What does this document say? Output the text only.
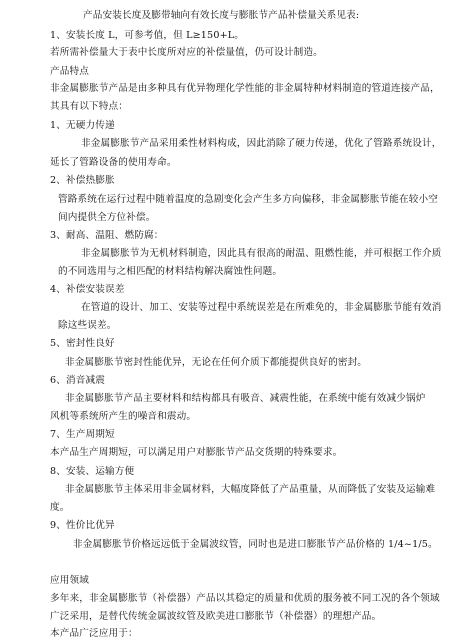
产品安装长度及膨带轴向有效长度与膨胀节产品补偿量关系见表:
1、安装长度 L，可参考值，但 L≥150+L。
若所需补偿量大于表中长度所对应的补偿量值，仍可设计制造。
产品特点
非金属膨胀节产品是由多种具有优异物理化学性能的非金属特种材料制造的管道连接产品，
其具有以下特点：
1、无硬力传递
非金属膨胀节产品采用柔性材料构成，因此消除了硬力传递，优化了管路系统设计，
延长了管路设备的使用寿命。
2、补偿热膨胀
管路系统在运行过程中随着温度的急剧变化会产生多方向偏移，非金属膨胀节能在较小空
间内提供全方位补偿。
3、耐高、温阻、燃防腐：
非金属膨胀节为无机材料制造，因此具有很高的耐温、阻燃性能，并可根据工作介质
的不同选用与之相匹配的材料结构解决腐蚀性问题。
4、补偿安装误差
在管道的设计、加工、安装等过程中系统误差是在所难免的，非金属膨胀节能有效消
除这些误差。
5、密封性良好
非金属膨胀节密封性能优异，无论在任何介质下都能提供良好的密封。
6、消音减震
非金属膨胀节产品主要材料和结构都具有吸音、减震性能，在系统中能有效减少锅炉
风机等系统所产生的噪音和震动。
7、生产周期短
本产品生产周期短，可以满足用户对膨胀节产品交货期的特殊要求。
8、安装、运输方便
非金属膨胀节主体采用非金属材料，大幅度降低了产品重量，从而降低了安装及运输难
度。
9、性价比优异
非金属膨胀节价格远远低于金属波纹管，同时也是进口膨胀节产品价格的 1/4~1/5。
应用领域
多年来，非金属膨胀节（补偿器）产品以其稳定的质量和优质的服务被不同工况的各个领域
广泛采用，是替代传统金属波纹管及欧美进口膨胀节（补偿器）的理想产品。
本产品广泛应用于：
